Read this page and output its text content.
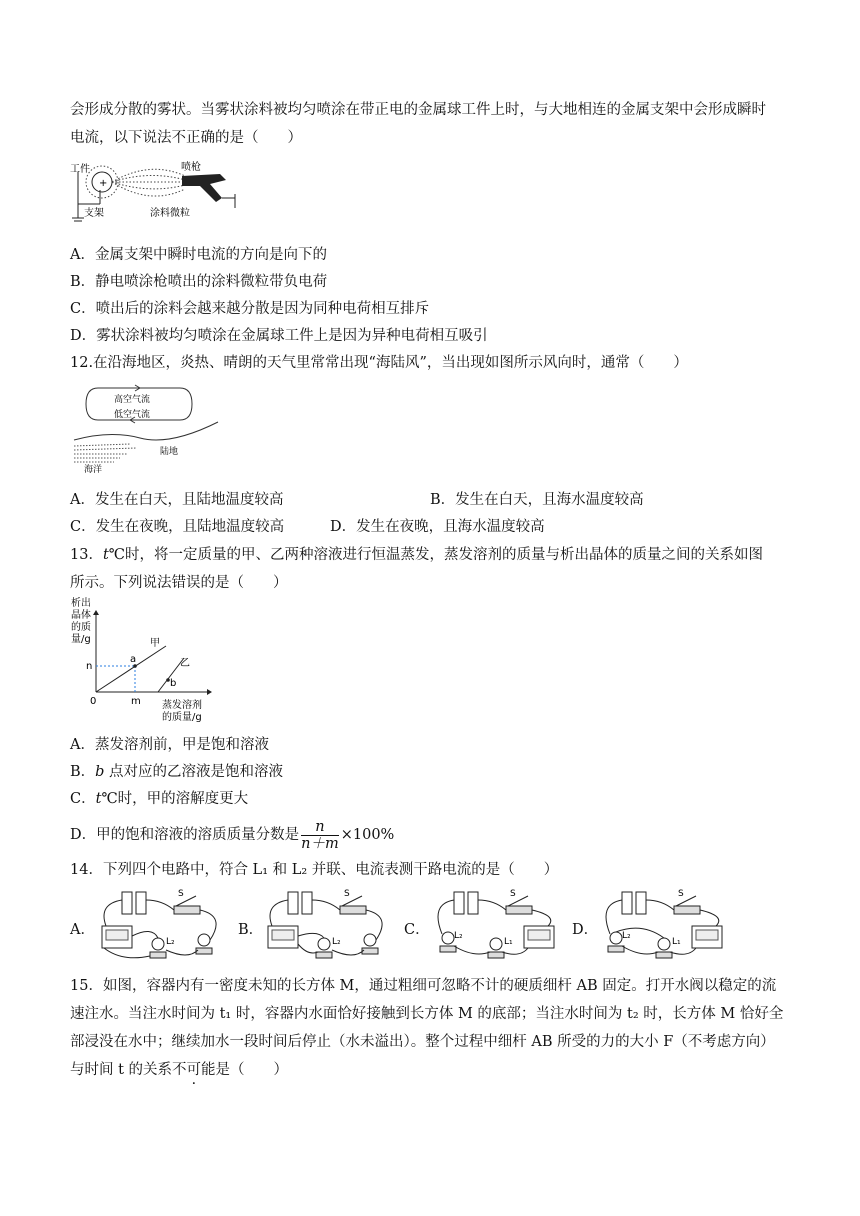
会形成分散的雾状。当雾状涂料被均匀喷涂在带正电的金属球工件上时，与大地相连的金属支架中会形成瞬时
电流，以下说法不正确的是（　　）
+
工件	喷枪
支架	涂料微粒
A．金属支架中瞬时电流的方向是向下的
B．静电喷涂枪喷出的涂料微粒带负电荷
C．喷出后的涂料会越来越分散是因为同种电荷相互排斥
D．雾状涂料被均匀喷涂在金属球工件上是因为异种电荷相互吸引
12.在沿海地区，炎热、晴朗的天气里常常出现“海陆风”，当出现如图所示风向时，通常（　　）
高空气流
低空气流
陆地
海洋
A．发生在白天，且陆地温度较高	B．发生在白天，且海水温度较高
C．发生在夜晚，且陆地温度较高	D．发生在夜晚，且海水温度较高
13．t℃时，将一定质量的甲、乙两种溶液进行恒温蒸发，蒸发溶剂的质量与析出晶体的质量之间的关系如图
所示。下列说法错误的是（　　）
析出
晶体
的质
量/g
a
b
甲
乙
n
0	m 蒸发溶剂
的质量/g
A．蒸发溶剂前，甲是饱和溶液
B．b 点对应的乙溶液是饱和溶液
C．t℃时，甲的溶解度更大
D．甲的饱和溶液的溶质质量分数是 $\frac{n}{n+m} \times 100\%$
14．下列四个电路中，符合 L₁ 和 L₂ 并联、电流表测干路电流的是（　　）
A．	B．	C．	D．
S
L₂
S
L₂
S
L₂
L₁
S
L₂
L₁
15．如图，容器内有一密度未知的长方体 M，通过粗细可忽略不计的硬质细杆 AB 固定。打开水阀以稳定的流
速注水。当注水时间为 t₁ 时，容器内水面恰好接触到长方体 M 的底部；当注水时间为 t₂ 时，长方体 M 恰好全
部浸没在水中；继续加水一段时间后停止（水未溢出）。整个过程中细杆 AB 所受的力的大小 F（不考虑方向）
与时间 t 的关系不可能是（　　）
